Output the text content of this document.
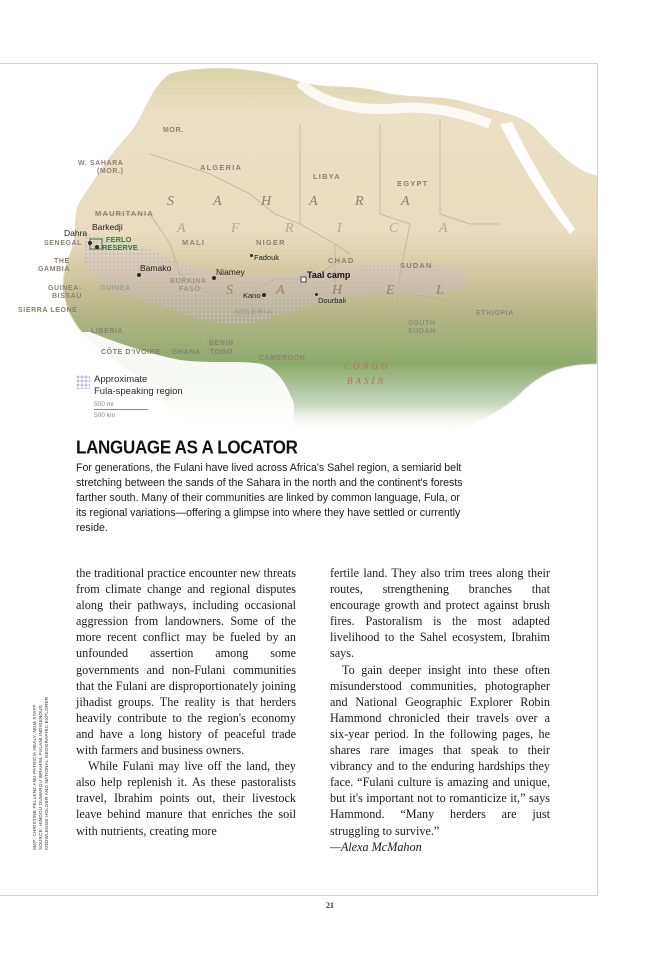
MOR.
W. SAHARA
(MOR.)	ALGERIA
LIBYA
EGYPT
MAURITANIA
MALI	NIGER
CHAD
SUDAN
SENEGAL
THE
GAMBIA
GUINEA-
BISSAU
GUINEA
SIERRA LEONE
BURKINA
FASO
NIGERIA
LIBERIA
CÔTE D'IVOIRE GHANA
BENIN
TOGO
CAMEROON
SOUTH
SUDAN
ETHIOPIA
S	A	H	A	R	A
A	F	R	I	C	A
S	A	H	E	L
CONGO
BASIN
Dahra
Barkedji
FERLO
RESERVE
Bamako	Niamey
Fadouk
Kano
Taal camp
Dourbali
Approximate
Fula-speaking region
500 mi
500 km
LANGUAGE AS A LOCATOR
For generations, the Fulani have lived across Africa's Sahel region, a semiarid belt stretching between the sands of the Sahara in the north and the continent's forests farther south. Many of their communities are linked by common language, Fula, or its regional variations—offering a glimpse into where they have settled or currently reside.

the traditional practice encounter new threats from climate change and regional disputes along their pathways, including occasional aggression from landowners. Some of the more recent conflict may be fueled by an unfounded assertion among some governments and non-Fulani communities that the Fulani are disproportionately joining jihadist groups. The reality is that herders heavily contribute to the region's economy and have a long history of peaceful trade with farmers and business owners.

While Fulani may live off the land, they also help replenish it. As these pastoralists travel, Ibrahim points out, their livestock leave behind manure that enriches the soil with nutrients, creating more

fertile land. They also trim trees along their routes, strengthening branches that encourage growth and protect against brush fires. Pastoralism is the most adapted livelihood to the Sahel ecosystem, Ibrahim says.

To gain deeper insight into these often misunderstood communities, photographer and National Geographic Explorer Robin Hammond chronicled their travels over a six-year period. In the following pages, he shares rare images that speak to their vibrancy and to the enduring hardships they face. “Fulani culture is amazing and unique, but it's important not to romanticize it,” says Hammond. “Many herders are just struggling to survive.”

—Alexa McMahon

MAP: CHRISTINE FELLENZ AND PATRICIA HEALY, NGM STAFF SOURCE: HINDOU OUMAROU IBRAHIM, FULANI INDIGENOUS KNOWLEDGE HOLDER AND NATIONAL GEOGRAPHIC EXPLORER
21
